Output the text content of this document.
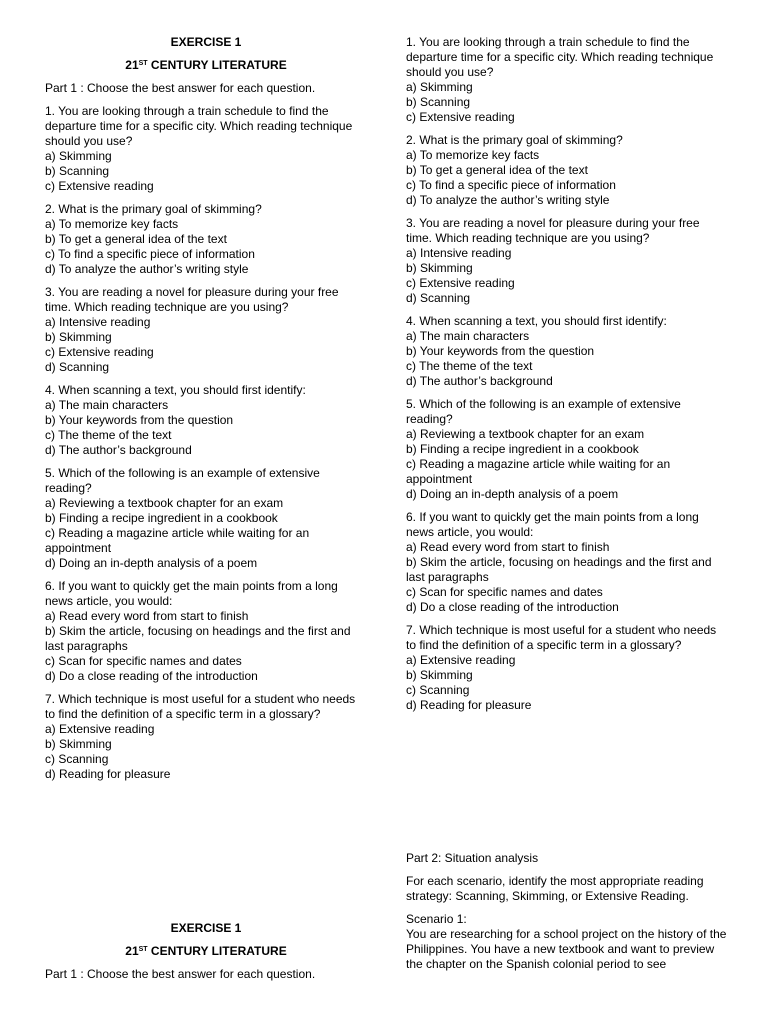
EXERCISE 1
21ST CENTURY LITERATURE
Part 1 : Choose the best answer for each question.
1. You are looking through a train schedule to find the departure time for a specific city. Which reading technique should you use?
a) Skimming
b) Scanning
c) Extensive reading
2. What is the primary goal of skimming?
a) To memorize key facts
b) To get a general idea of the text
c) To find a specific piece of information
d) To analyze the author’s writing style
3. You are reading a novel for pleasure during your free time. Which reading technique are you using?
a) Intensive reading
b) Skimming
c) Extensive reading
d) Scanning
4. When scanning a text, you should first identify:
a) The main characters
b) Your keywords from the question
c) The theme of the text
d) The author’s background
5. Which of the following is an example of extensive reading?
a) Reviewing a textbook chapter for an exam
b) Finding a recipe ingredient in a cookbook
c) Reading a magazine article while waiting for an appointment
d) Doing an in-depth analysis of a poem
6. If you want to quickly get the main points from a long news article, you would:
a) Read every word from start to finish
b) Skim the article, focusing on headings and the first and last paragraphs
c) Scan for specific names and dates
d) Do a close reading of the introduction
7. Which technique is most useful for a student who needs to find the definition of a specific term in a glossary?
a) Extensive reading
b) Skimming
c) Scanning
d) Reading for pleasure
1. You are looking through a train schedule to find the departure time for a specific city. Which reading technique should you use?
a) Skimming
b) Scanning
c) Extensive reading
2. What is the primary goal of skimming?
a) To memorize key facts
b) To get a general idea of the text
c) To find a specific piece of information
d) To analyze the author’s writing style
3. You are reading a novel for pleasure during your free time. Which reading technique are you using?
a) Intensive reading
b) Skimming
c) Extensive reading
d) Scanning
4. When scanning a text, you should first identify:
a) The main characters
b) Your keywords from the question
c) The theme of the text
d) The author’s background
5. Which of the following is an example of extensive reading?
a) Reviewing a textbook chapter for an exam
b) Finding a recipe ingredient in a cookbook
c) Reading a magazine article while waiting for an appointment
d) Doing an in-depth analysis of a poem
6. If you want to quickly get the main points from a long news article, you would:
a) Read every word from start to finish
b) Skim the article, focusing on headings and the first and last paragraphs
c) Scan for specific names and dates
d) Do a close reading of the introduction
7. Which technique is most useful for a student who needs to find the definition of a specific term in a glossary?
a) Extensive reading
b) Skimming
c) Scanning
d) Reading for pleasure
EXERCISE 1
21ST CENTURY LITERATURE
Part 1 : Choose the best answer for each question.
Part 2: Situation analysis
For each scenario, identify the most appropriate reading strategy: Scanning, Skimming, or Extensive Reading.
Scenario 1:
You are researching for a school project on the history of the Philippines. You have a new textbook and want to preview the chapter on the Spanish colonial period to see
